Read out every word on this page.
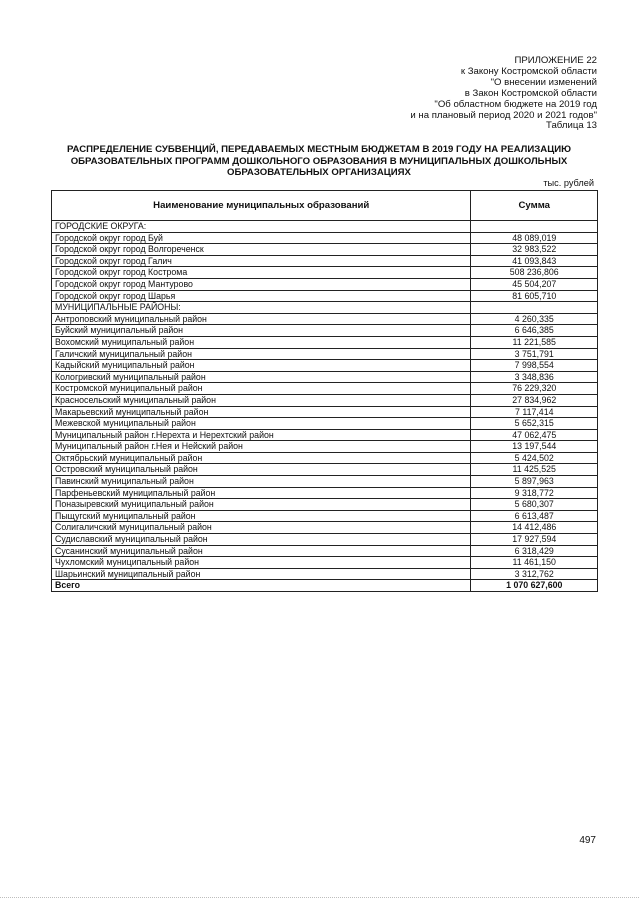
ПРИЛОЖЕНИЕ 22
к Закону Костромской области
"О внесении изменений
в Закон Костромской области
"Об областном бюджете на 2019 год
и на плановый период 2020 и 2021 годов"
Таблица 13
РАСПРЕДЕЛЕНИЕ СУБВЕНЦИЙ, ПЕРЕДАВАЕМЫХ МЕСТНЫМ БЮДЖЕТАМ В 2019 ГОДУ НА РЕАЛИЗАЦИЮ
ОБРАЗОВАТЕЛЬНЫХ ПРОГРАММ ДОШКОЛЬНОГО ОБРАЗОВАНИЯ В МУНИЦИПАЛЬНЫХ ДОШКОЛЬНЫХ
ОБРАЗОВАТЕЛЬНЫХ ОРГАНИЗАЦИЯХ
тыс. рублей
Наименование муниципальных образований	Сумма
ГОРОДСКИЕ ОКРУГА:	
Городской округ город Буй	48 089,019
Городской округ город Волгореченск	32 983,522
Городской округ город Галич	41 093,843
Городской округ город Кострома	508 236,806
Городской округ город Мантурово	45 504,207
Городской округ город Шарья	81 605,710
МУНИЦИПАЛЬНЫЕ РАЙОНЫ:	
Антроповский муниципальный район	4 260,335
Буйский муниципальный район	6 646,385
Вохомский муниципальный район	11 221,585
Галичский муниципальный район	3 751,791
Кадыйский муниципальный район	7 998,554
Кологривский муниципальный район	3 348,836
Костромской муниципальный район	76 229,320
Красносельский муниципальный район	27 834,962
Макарьевский муниципальный район	7 117,414
Межевской муниципальный район	5 652,315
Муниципальный район г.Нерехта и Нерехтский район	47 062,475
Муниципальный район г.Нея и Нейский район	13 197,544
Октябрьский муниципальный район	5 424,502
Островский муниципальный район	11 425,525
Павинский муниципальный район	5 897,963
Парфеньевский муниципальный район	9 318,772
Поназыревский муниципальный район	5 680,307
Пыщугский муниципальный район	6 613,487
Солигаличский муниципальный район	14 412,486
Судиславский муниципальный район	17 927,594
Сусанинский муниципальный район	6 318,429
Чухломский муниципальный район	11 461,150
Шарьинский муниципальный район	3 312,762
Всего	1 070 627,600
497
